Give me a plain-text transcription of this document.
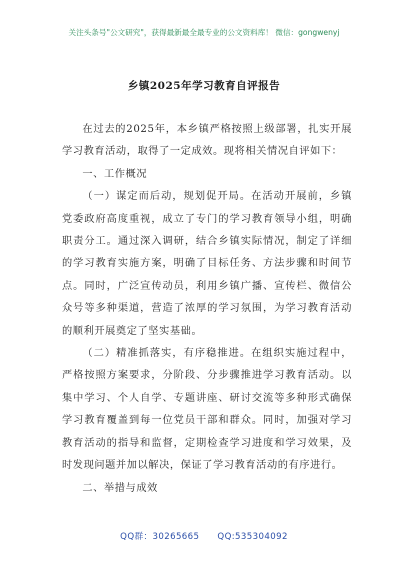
关注头条号"公文研究"，获得最新最全最专业的公文资料库！ 微信：gongwenyj
乡镇2025年学习教育自评报告

在过去的2025年，本乡镇严格按照上级部署，扎实开展学习教育活动，取得了一定成效。现将相关情况自评如下：

一、工作概况

（一）谋定而后动，规划促开局。在活动开展前，乡镇党委政府高度重视，成立了专门的学习教育领导小组，明确职责分工。通过深入调研，结合乡镇实际情况，制定了详细的学习教育实施方案，明确了目标任务、方法步骤和时间节点。同时，广泛宣传动员，利用乡镇广播、宣传栏、微信公众号等多种渠道，营造了浓厚的学习氛围，为学习教育活动的顺利开展奠定了坚实基础。

（二）精准抓落实，有序稳推进。在组织实施过程中，严格按照方案要求，分阶段、分步骤推进学习教育活动。以集中学习、个人自学、专题讲座、研讨交流等多种形式确保学习教育覆盖到每一位党员干部和群众。同时，加强对学习教育活动的指导和监督，定期检查学习进度和学习效果，及时发现问题并加以解决，保证了学习教育活动的有序进行。

二、举措与成效

QQ群：30265665　　QQ:535304092
